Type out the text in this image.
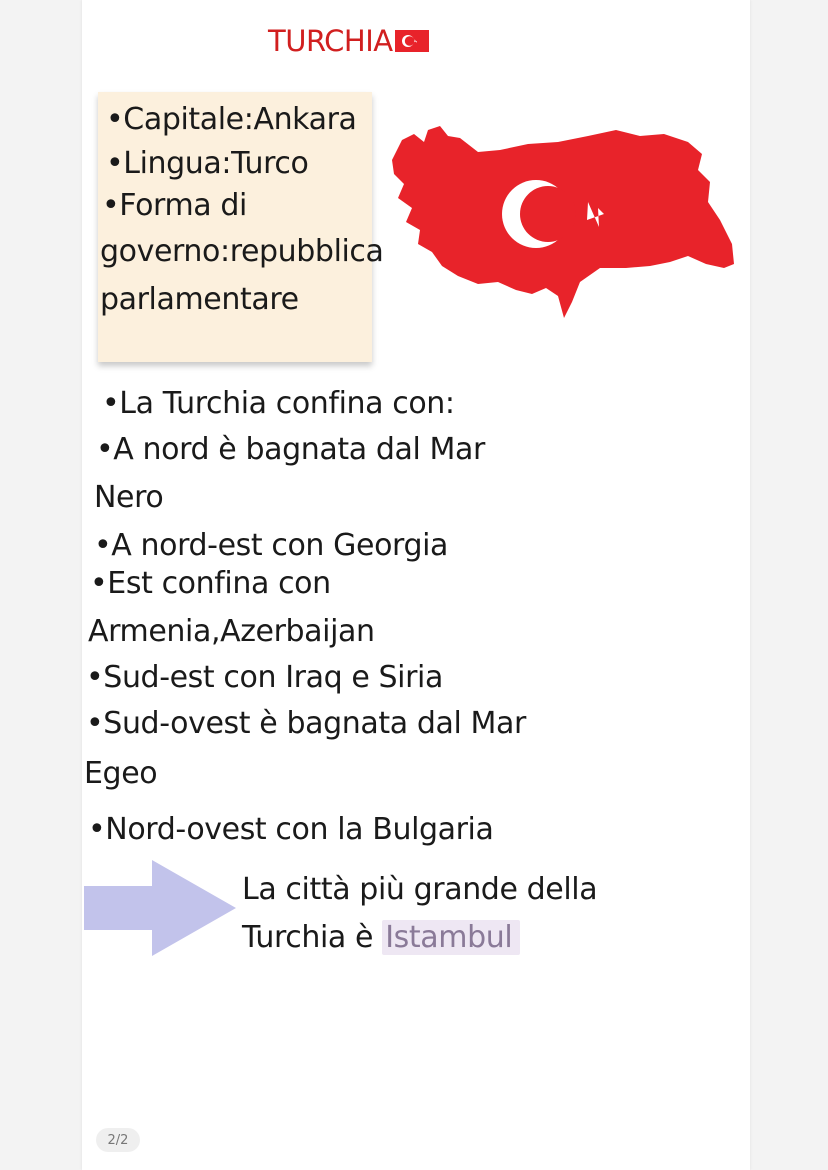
TURCHIA
•Capitale:Ankara
•Lingua:Turco
•Forma di
governo:repubblica
parlamentare
•La Turchia confina con:
•A nord è bagnata dal Mar
Nero
•A nord-est con Georgia
•Est confina con
Armenia,Azerbaijan
•Sud-est con Iraq e Siria
•Sud-ovest è bagnata dal Mar
Egeo
•Nord-ovest con la Bulgaria
La città più grande della
Turchia è Istambul
2/2
